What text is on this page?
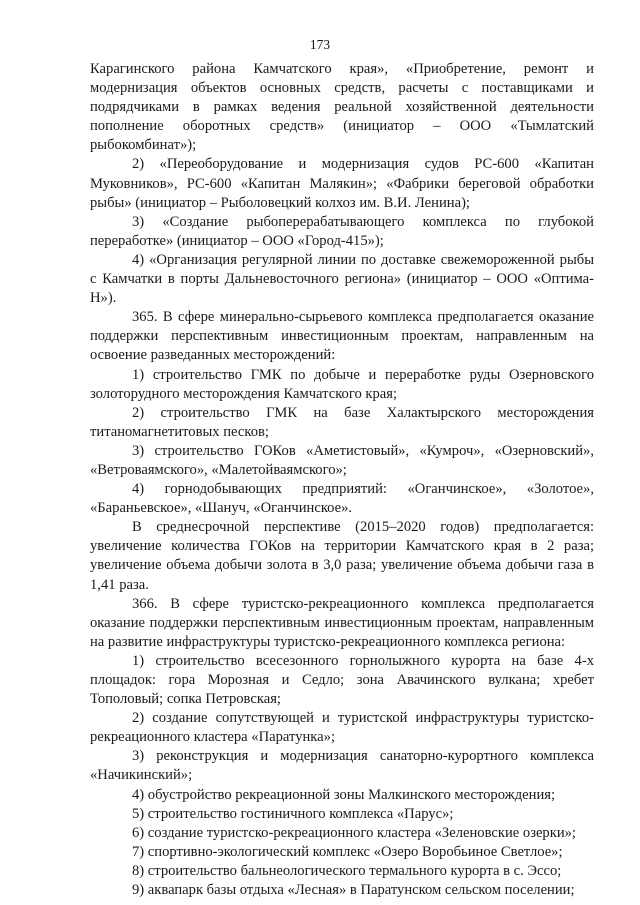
173

Карагинского района Камчатского края», «Приобретение, ремонт и модернизация объектов основных средств, расчеты с поставщиками и подрядчиками в рамках ведения реальной хозяйственной деятельности пополнение оборотных средств» (инициатор – ООО «Тымлатский рыбокомбинат»);

2) «Переоборудование и модернизация судов РС-600 «Капитан Муковников», РС-600 «Капитан Малякин»; «Фабрики береговой обработки рыбы» (инициатор – Рыболовецкий колхоз им. В.И. Ленина);

3) «Создание рыбоперерабатывающего комплекса по глубокой переработке» (инициатор – ООО «Город-415»);

4) «Организация регулярной линии по доставке свежемороженной рыбы с Камчатки в порты Дальневосточного региона» (инициатор – ООО «Оптима-Н»).

365. В сфере минерально-сырьевого комплекса предполагается оказание поддержки перспективным инвестиционным проектам, направленным на освоение разведанных месторождений:

1) строительство ГМК по добыче и переработке руды Озерновского золоторудного месторождения Камчатского края;

2) строительство ГМК на базе Халактырского месторождения титаномагнетитовых песков;

3) строительство ГОКов «Аметистовый», «Кумроч», «Озерновский», «Ветроваямского», «Малетойваямского»;

4) горнодобывающих предприятий: «Оганчинское», «Золотое», «Бараньевское», «Шануч, «Оганчинское».

В среднесрочной перспективе (2015–2020 годов) предполагается: увеличение количества ГОКов на территории Камчатского края в 2 раза; увеличение объема добычи золота в 3,0 раза; увеличение объема добычи газа в 1,41 раза.

366. В сфере туристско-рекреационного комплекса предполагается оказание поддержки перспективным инвестиционным проектам, направленным на развитие инфраструктуры туристско-рекреационного комплекса региона:

1) строительство всесезонного горнолыжного курорта на базе 4-х площадок: гора Морозная и Седло; зона Авачинского вулкана; хребет Тополовый; сопка Петровская;

2) создание сопутствующей и туристской инфраструктуры туристско-рекреационного кластера «Паратунка»;

3) реконструкция и модернизация санаторно-курортного комплекса «Начикинский»;

4) обустройство рекреационной зоны Малкинского месторождения;

5) строительство гостиничного комплекса «Парус»;

6) создание туристско-рекреационного кластера «Зеленовские озерки»;

7) спортивно-экологический комплекс «Озеро Воробьиное Светлое»;

8) строительство бальнеологического термального курорта в с. Эссо;

9) аквапарк базы отдыха «Лесная» в Паратунском сельском поселении;
